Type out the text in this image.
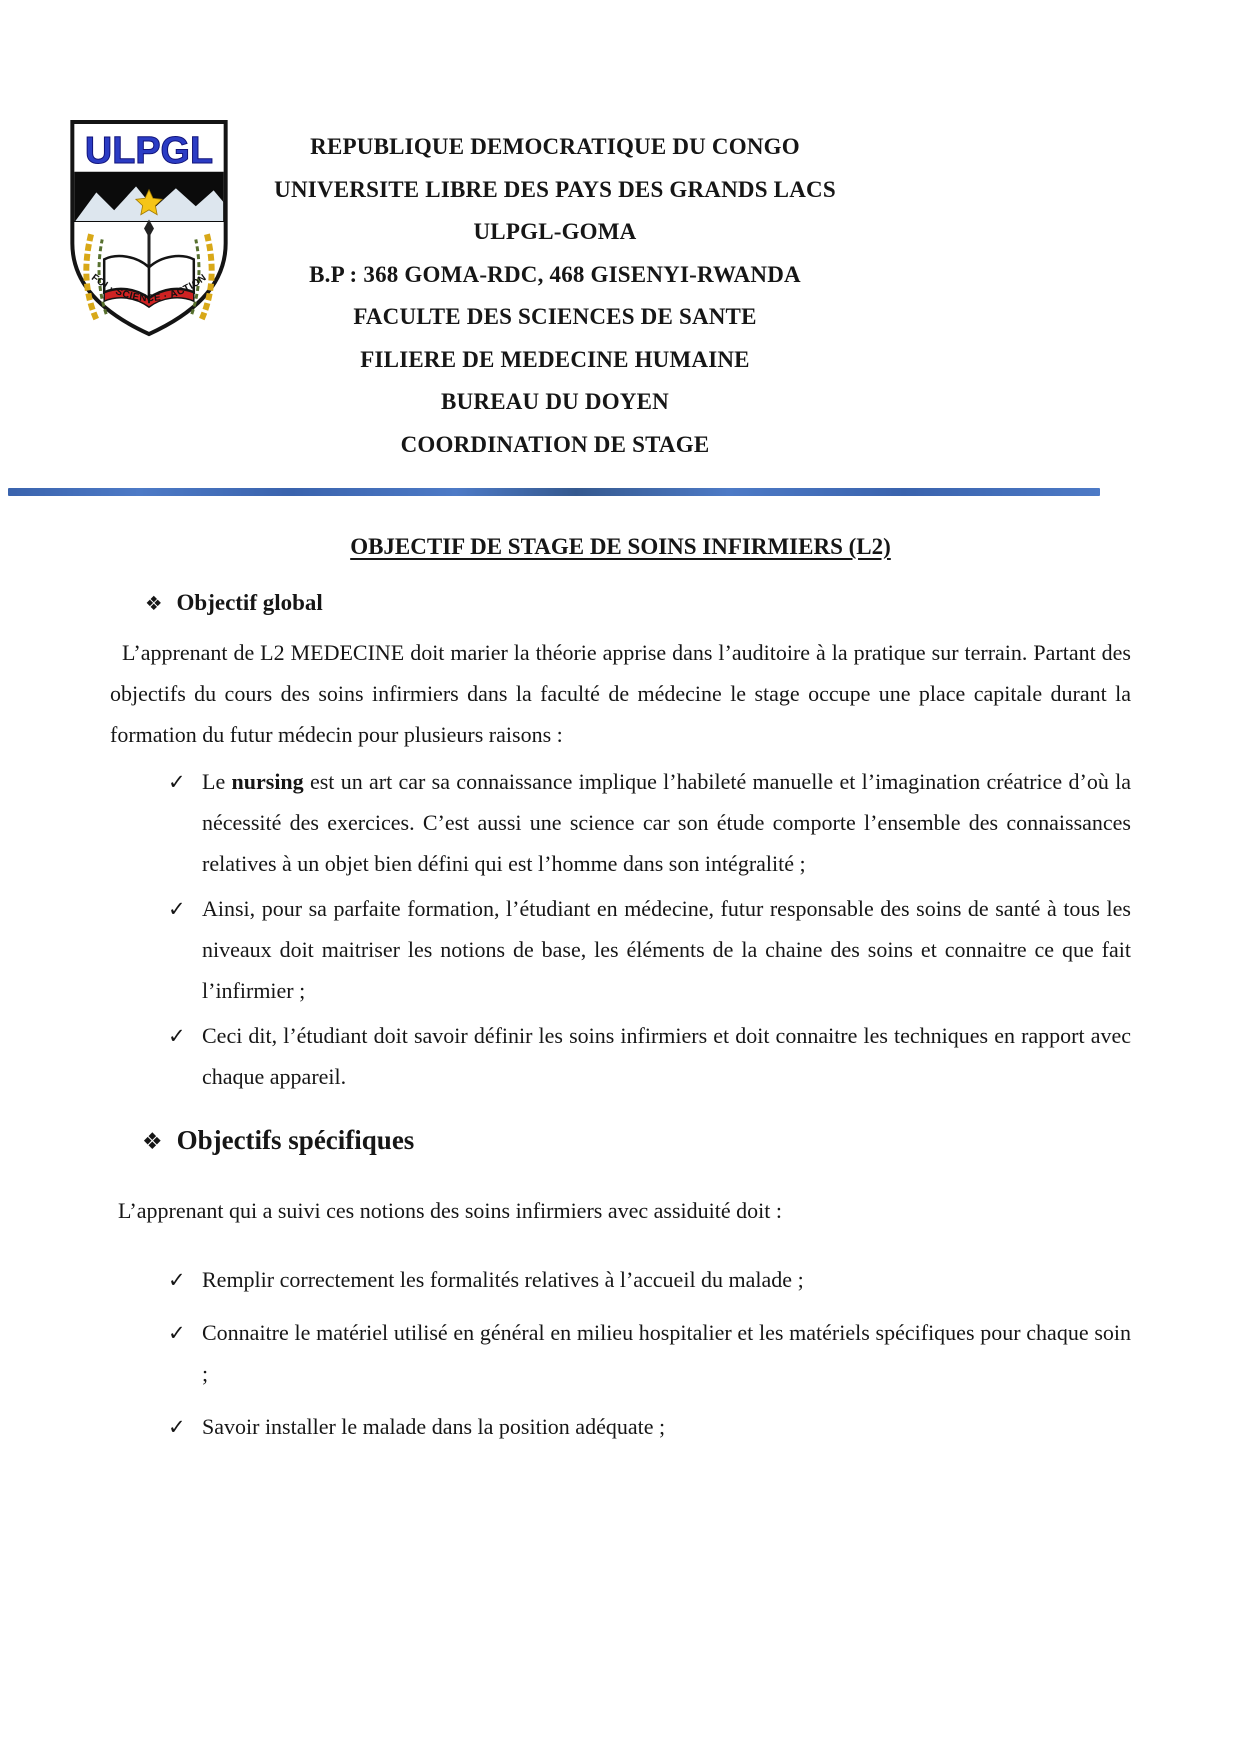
ULPGL
FOI · SCIENCE · ACTION
REPUBLIQUE DEMOCRATIQUE DU CONGO
UNIVERSITE LIBRE DES PAYS DES GRANDS LACS
ULPGL-GOMA
B.P : 368 GOMA-RDC, 468 GISENYI-RWANDA
FACULTE DES SCIENCES DE SANTE
FILIERE DE MEDECINE HUMAINE
BUREAU DU DOYEN
COORDINATION DE STAGE
OBJECTIF DE STAGE DE SOINS INFIRMIERS (L2)
❖ Objectif global

L’apprenant de L2 MEDECINE doit marier la théorie apprise dans l’auditoire à la pratique sur terrain. Partant des objectifs du cours des soins infirmiers dans la faculté de médecine le stage occupe une place capitale durant la formation du futur médecin pour plusieurs raisons :

✓ Le nursing est un art car sa connaissance implique l’habileté manuelle et l’imagination créatrice d’où la nécessité des exercices. C’est aussi une science car son étude comporte l’ensemble des connaissances relatives à un objet bien défini qui est l’homme dans son intégralité ;
✓ Ainsi, pour sa parfaite formation, l’étudiant en médecine, futur responsable des soins de santé à tous les niveaux doit maitriser les notions de base, les éléments de la chaine des soins et connaitre ce que fait l’infirmier ;
✓ Ceci dit, l’étudiant doit savoir définir les soins infirmiers et doit connaitre les techniques en rapport avec chaque appareil.
❖ Objectifs spécifiques

L’apprenant qui a suivi ces notions des soins infirmiers avec assiduité doit :

✓ Remplir correctement les formalités relatives à l’accueil du malade ;
✓ Connaitre le matériel utilisé en général en milieu hospitalier et les matériels spécifiques pour chaque soin ;
✓ Savoir installer le malade dans la position adéquate ;
